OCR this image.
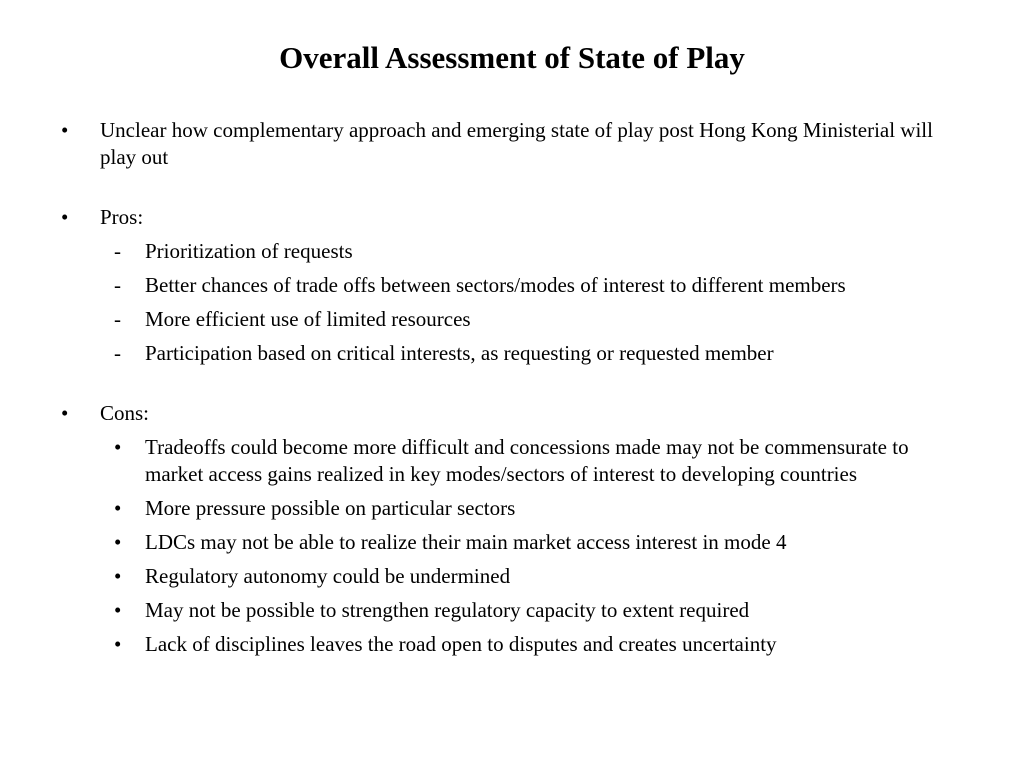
Overall Assessment of State of Play
• Unclear how complementary approach and emerging state of play post Hong Kong Ministerial will play out
• Pros:
- Prioritization of requests
- Better chances of trade offs between sectors/modes of interest to different members
- More efficient use of limited resources
- Participation based on critical interests, as requesting or requested member
• Cons:
• Tradeoffs could become more difficult and concessions made may not be commensurate to market access gains realized in key modes/sectors of interest to developing countries
• More pressure possible on particular sectors
• LDCs may not be able to realize their main market access interest in mode 4
• Regulatory autonomy could be undermined
• May not be possible to strengthen regulatory capacity to extent required
• Lack of disciplines leaves the road open to disputes and creates uncertainty
